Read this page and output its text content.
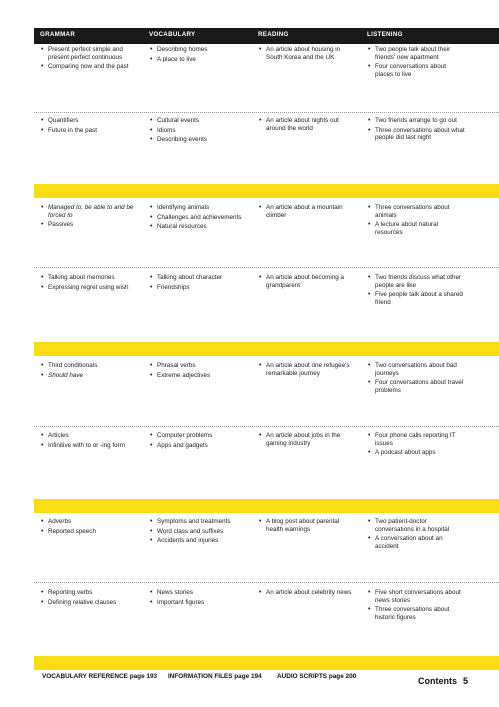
GRAMMAR	VOCABULARY	READING	LISTENING
• Present perfect simple and present perfect continuous
• Comparing now and the past
• Describing homes
• A place to live
• An article about housing in South Korea and the UK
• Two people talk about their friends' new apartment
• Four conversations about places to live
• Quantifiers
• Future in the past
• Cultural events
• Idioms
• Describing events
• An article about nights out around the world
• Two friends arrange to go out
• Three conversations about what people did last night
• Managed to, be able to and be forced to
• Passives
• Identifying animals
• Challenges and achievements
• Natural resources
• An article about a mountain climber
• Three conversations about animals
• A lecture about natural resources
• Talking about memories
• Expressing regret using wish
• Talking about character
• Friendships
• An article about becoming a grandparent
• Two friends discuss what other people are like
• Five people talk about a shared friend
• Third conditionals
• Should have
• Phrasal verbs
• Extreme adjectives
• An article about one refugee's remarkable journey
• Two conversations about bad journeys
• Four conversations about travel problems
• Articles
• Infinitive with to or -ing form
• Computer problems
• Apps and gadgets
• An article about jobs in the gaming industry
• Four phone calls reporting IT issues
• A podcast about apps
• Adverbs
• Reported speech
• Symptoms and treatments
• Word class and suffixes
• Accidents and injuries
• A blog post about parental health warnings
• Two patient-doctor conversations in a hospital
• A conversation about an accident
• Reporting verbs
• Defining relative clauses
• News stories
• Important figures
• An article about celebrity news
•	Five short conversations about news stories
• Three conversations about historic figures
VOCABULARY REFERENCE page 193 INFORMATION FILES page 194 AUDIO SCRIPTS page 200	Contents 5
